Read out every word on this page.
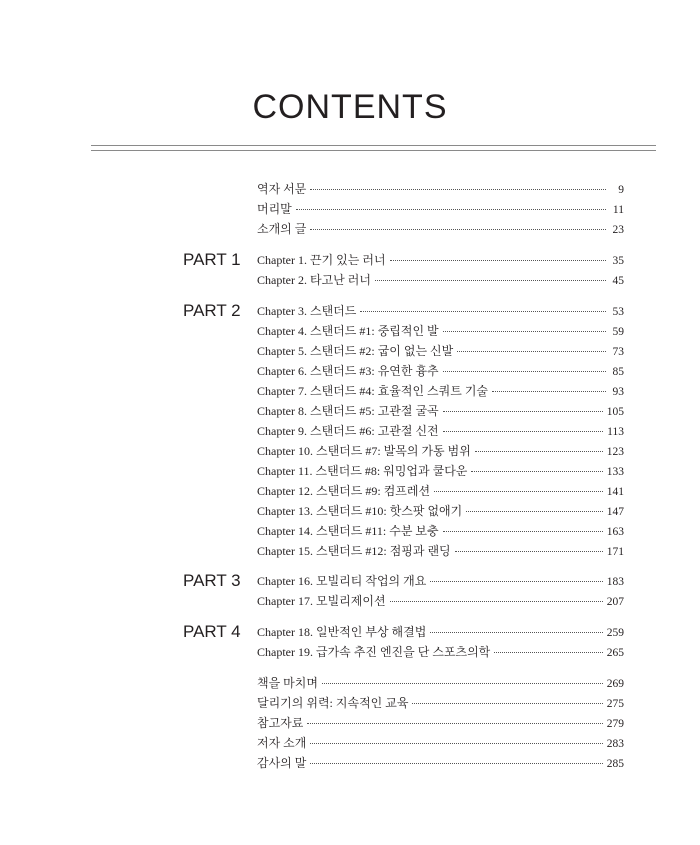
CONTENTS
역자 서문	9
머리말	11
소개의 글	23
PART 1 Chapter 1. 끈기 있는 러너	35
Chapter 2. 타고난 러너	45
PART 2 Chapter 3. 스탠더드	53
Chapter 4. 스탠더드 #1: 중립적인 발	59
Chapter 5. 스탠더드 #2: 굽이 없는 신발	73
Chapter 6. 스탠더드 #3: 유연한 흉추	85
Chapter 7. 스탠더드 #4: 효율적인 스쿼트 기술	93
Chapter 8. 스탠더드 #5: 고관절 굴곡	105
Chapter 9. 스탠더드 #6: 고관절 신전	113
Chapter 10. 스탠더드 #7: 발목의 가동 범위	123
Chapter 11. 스탠더드 #8: 워밍업과 쿨다운	133
Chapter 12. 스탠더드 #9: 컴프레션	141
Chapter 13. 스탠더드 #10: 핫스팟 없애기	147
Chapter 14. 스탠더드 #11: 수분 보충	163
Chapter 15. 스탠더드 #12: 점핑과 랜딩	171
PART 3 Chapter 16. 모빌리티 작업의 개요	183
Chapter 17. 모빌리제이션	207
PART 4 Chapter 18. 일반적인 부상 해결법	259
Chapter 19. 급가속 추진 엔진을 단 스포츠의학	265
책을 마치며	269
달리기의 위력: 지속적인 교육	275
참고자료	279
저자 소개	283
감사의 말	285
